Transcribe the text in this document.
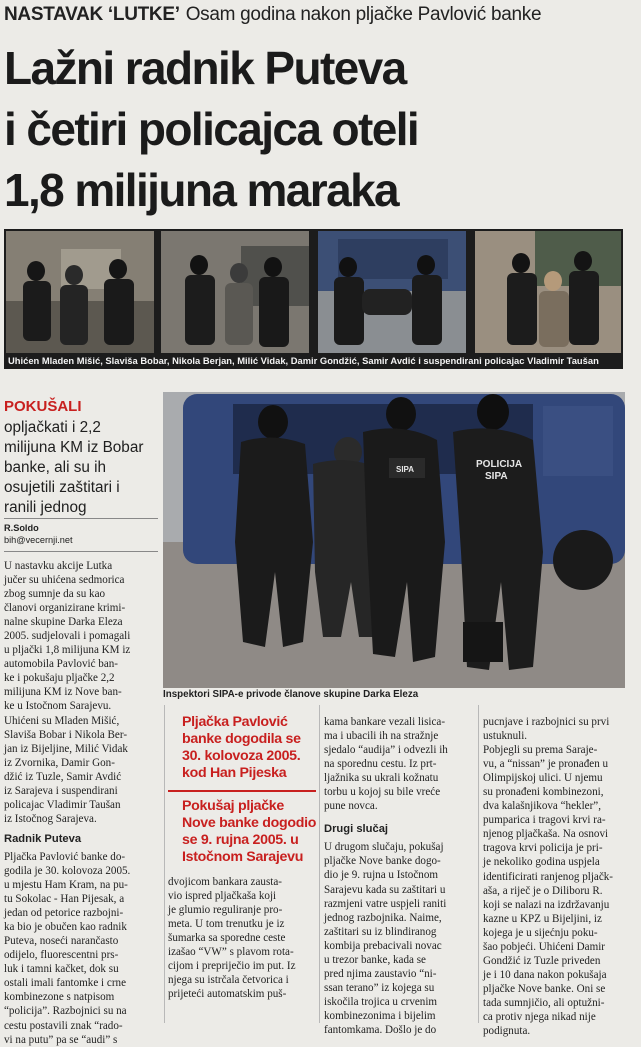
NASTAVAK ‘LUTKE’ Osam godina nakon pljačke Pavlović banke
Lažni radnik Puteva
i četiri policajca oteli
1,8 milijuna maraka
Uhićen Mladen Mišić, Slaviša Bobar, Nikola Berjan, Milić Vidak, Damir Gondžić, Samir Avdić i suspendirani policajac Vladimir Taušan
POKUŠALI
opljačkati i 2,2
milijuna KM iz Bobar
banke, ali su ih
osujetili zaštitari i
ranili jednog
R.Soldo
bih@vecernji.net
POLICIJA
SIPA
SIPA
Inspektori SIPA-e privode članove skupine Darka Eleza
U nastavku akcije Lutka
jučer su uhićena sedmorica
zbog sumnje da su kao
članovi organizirane krimi-
nalne skupine Darka Eleza
2005. sudjelovali i pomagali
u pljački 1,8 milijuna KM iz
automobila Pavlović ban-
ke i pokušaju pljačke 2,2
milijuna KM iz Nove ban-
ke u Istočnom Sarajevu.
Uhićeni su Mladen Mišić,
Slaviša Bobar i Nikola Ber-
jan iz Bijeljine, Milić Vidak
iz Zvornika, Damir Gon-
džić iz Tuzle, Samir Avdić
iz Sarajeva i suspendirani
policajac Vladimir Taušan
iz Istočnog Sarajeva.
Radnik Puteva
Pljačka Pavlović banke do-
godila je 30. kolovoza 2005.
u mjestu Ham Kram, na pu-
tu Sokolac - Han Pijesak, a
jedan od petorice razbojni-
ka bio je obučen kao radnik
Puteva, noseći narančasto
odijelo, fluorescentni prs-
luk i tamni kačket, dok su
ostali imali fantomke i crne
kombinezone s natpisom
“policija”. Razbojnici su na
cestu postavili znak “rado-
vi na putu” pa se “audi” s
Pljačka Pavlović
banke dogodila se
30. kolovoza 2005.
kod Han Pijeska
Pokušaj pljačke
Nove banke dogodio
se 9. rujna 2005. u
Istočnom Sarajevu
dvojicom bankara zausta-
vio ispred pljačkaša koji
je glumio reguliranje pro-
meta. U tom trenutku je iz
šumarka sa sporedne ceste
izašao “VW” s plavom rota-
cijom i prepriječio im put. Iz
njega su istrčala četvorica i
prijeteći automatskim puš-
kama bankare vezali lisica-
ma i ubacili ih na stražnje
sjedalo “audija” i odvezli ih
na sporednu cestu. Iz prt-
ljažnika su ukrali kožnatu
torbu u kojoj su bile vreće
pune novca.
Drugi slučaj
U drugom slučaju, pokušaj
pljačke Nove banke dogo-
dio je 9. rujna u Istočnom
Sarajevu kada su zaštitari u
razmjeni vatre uspjeli raniti
jednog razbojnika. Naime,
zaštitari su iz blindiranog
kombija prebacivali novac
u trezor banke, kada se
pred njima zaustavio “ni-
ssan terano” iz kojega su
iskočila trojica u crvenim
kombinezonima i bijelim
fantomkama. Došlo je do
pucnjave i razbojnici su prvi
ustuknuli.
Pobjegli su prema Saraje-
vu, a “nissan” je pronađen u
Olimpijskoj ulici. U njemu
su pronađeni kombinezoni,
dva kalašnjikova “hekler”,
pumparica i tragovi krvi ra-
njenog pljačkaša. Na osnovi
tragova krvi policija je pri-
je nekoliko godina uspjela
identificirati ranjenog pljačk-
aša, a riječ je o Diliboru R.
koji se nalazi na izdržavanju
kazne u KPZ u Bijeljini, iz
kojega je u sijećnju poku-
šao pobjeći. Uhićeni Damir
Gondžić iz Tuzle priveden
je i 10 dana nakon pokušaja
pljačke Nove banke. Oni se
tada sumnjičio, ali optužni-
ca protiv njega nikad nije
podignuta.
